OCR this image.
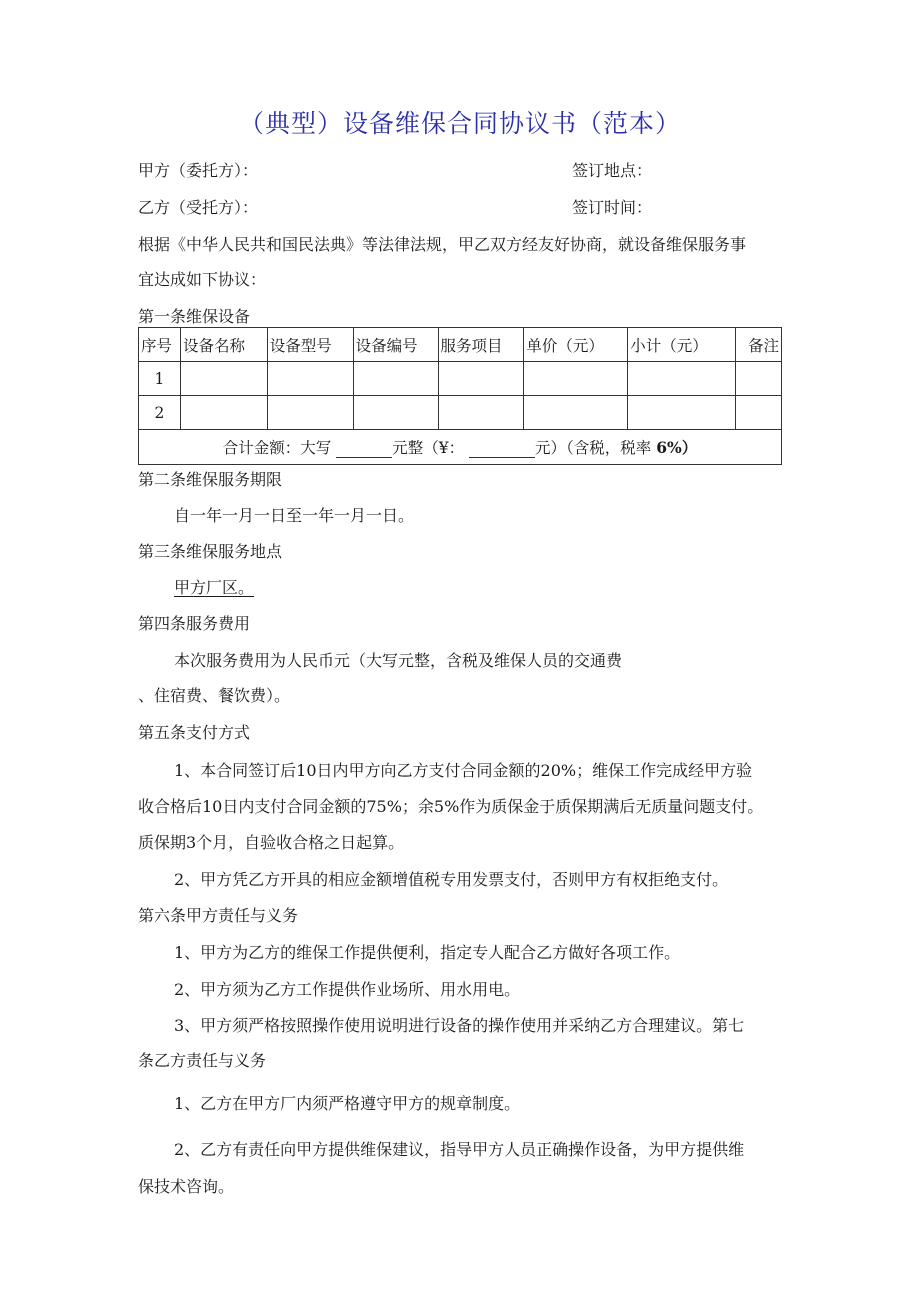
（典型）设备维保合同协议书（范本）
甲方（委托方）：	签订地点：
乙方（受托方）：	签订时间：
根据《中华人民共和国民法典》等法律法规，甲乙双方经友好协商，就设备维保服务事
宜达成如下协议：
第一条维保设备
序号	设备名称	设备型号	设备编号	服务项目	单价（元）	小计（元）	备注
1							
2							
合计金额：大写 元整（¥： 元）（含税，税率 6%）							
第二条维保服务期限
自一年一月一日至一年一月一日。
第三条维保服务地点
甲方厂区。
第四条服务费用
本次服务费用为人民币元（大写元整，含税及维保人员的交通费
、住宿费、餐饮费）。
第五条支付方式
1、本合同签订后10日内甲方向乙方支付合同金额的20%；维保工作完成经甲方验
收合格后10日内支付合同金额的75%；余5%作为质保金于质保期满后无质量问题支付。
质保期3个月，自验收合格之日起算。
2、甲方凭乙方开具的相应金额增值税专用发票支付，否则甲方有权拒绝支付。
第六条甲方责任与义务
1、甲方为乙方的维保工作提供便利，指定专人配合乙方做好各项工作。
2、甲方须为乙方工作提供作业场所、用水用电。
3、甲方须严格按照操作使用说明进行设备的操作使用并采纳乙方合理建议。第七
条乙方责任与义务
1、乙方在甲方厂内须严格遵守甲方的规章制度。
2、乙方有责任向甲方提供维保建议，指导甲方人员正确操作设备，为甲方提供维
保技术咨询。
